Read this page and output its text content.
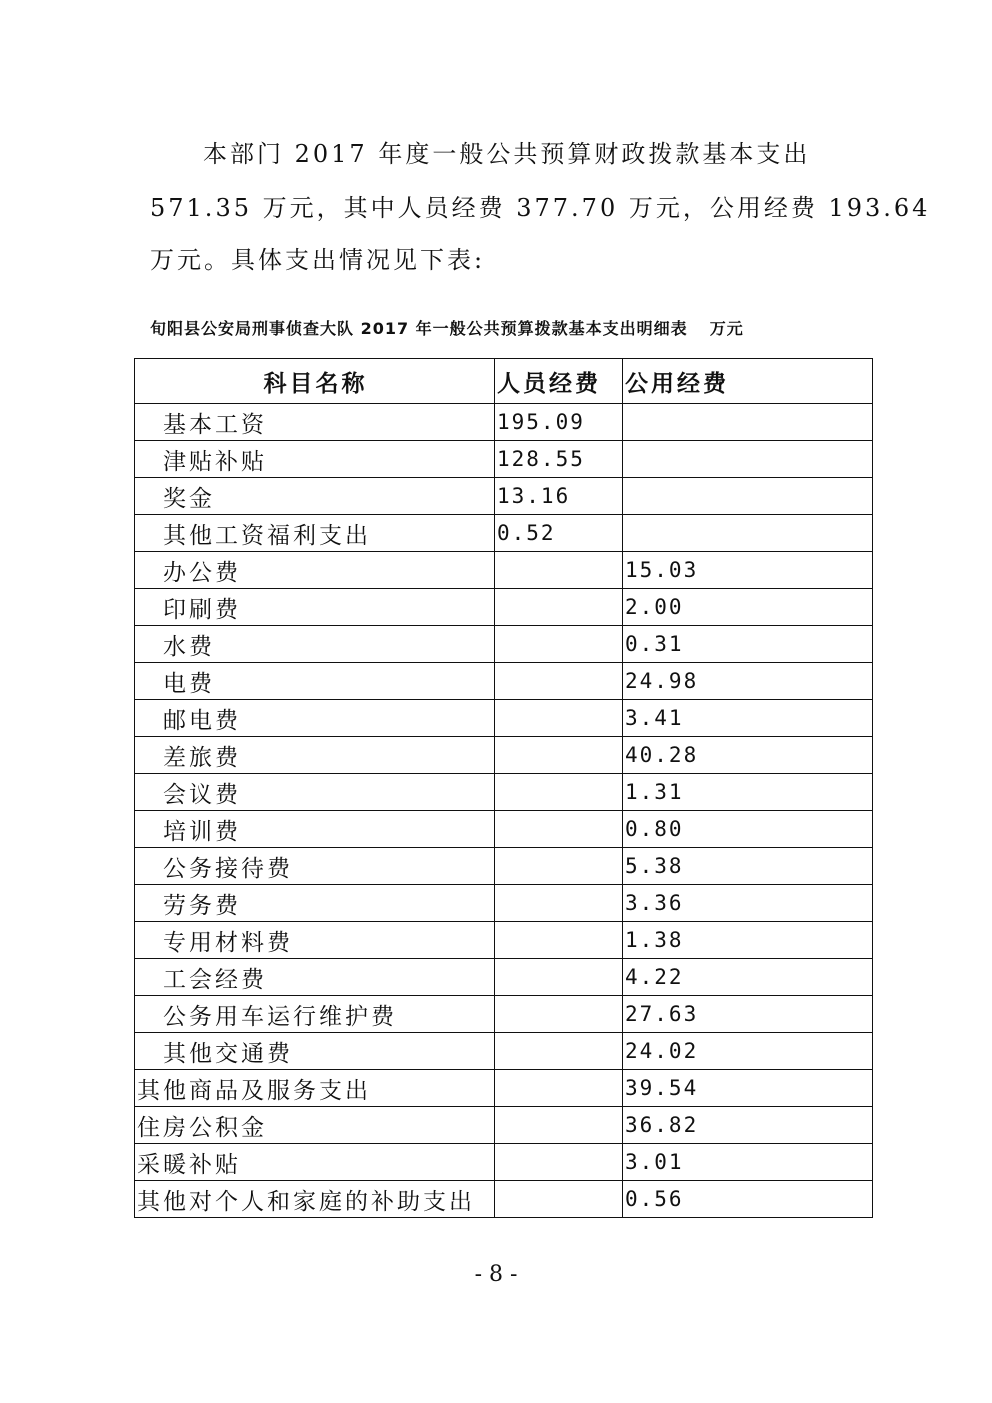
本部门 2017 年度一般公共预算财政拨款基本支出
571.35 万元，其中人员经费 377.70 万元，公用经费 193.64
万元。具体支出情况见下表:
旬阳县公安局刑事侦查大队 2017 年一般公共预算拨款基本支出明细表 万元
科目名称	人员经费	公用经费
基本工资	195.09	
津贴补贴	128.55	
奖金	13.16	
其他工资福利支出	0.52	
办公费		15.03
印刷费		2.00
水费		0.31
电费		24.98
邮电费		3.41
差旅费		40.28
会议费		1.31
培训费		0.80
公务接待费		5.38
劳务费		3.36
专用材料费		1.38
工会经费		4.22
公务用车运行维护费		27.63
其他交通费		24.02
其他商品及服务支出		39.54
住房公积金		36.82
采暖补贴		3.01
其他对个人和家庭的补助支出		0.56
- 8 -
